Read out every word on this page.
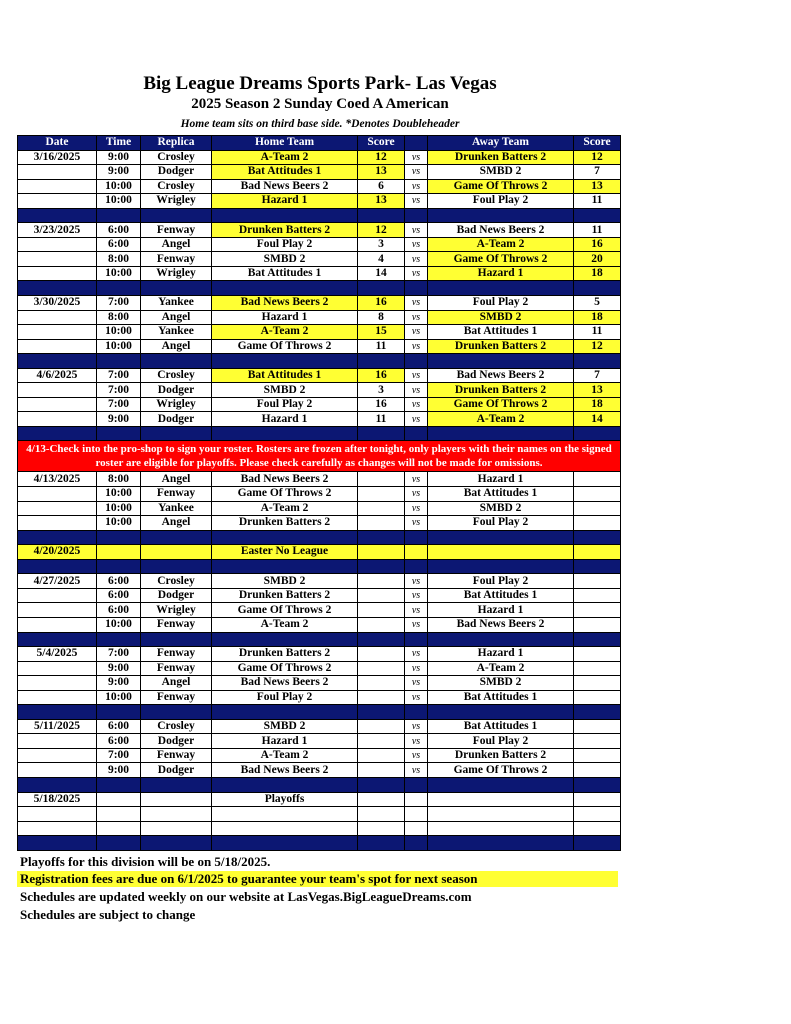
Big League Dreams Sports Park- Las Vegas
2025 Season 2 Sunday Coed A American
Home team sits on third base side. *Denotes Doubleheader
Date	Time	Replica	Home Team	Score		Away Team	Score
3/16/2025	9:00	Crosley	A-Team 2	12	vs	Drunken Batters 2	12
	9:00	Dodger	Bat Attitudes 1	13	vs	SMBD 2	7
	10:00	Crosley	Bad News Beers 2	6	vs	Game Of Throws 2	13
	10:00	Wrigley	Hazard 1	13	vs	Foul Play 2	11

3/23/2025	6:00	Fenway	Drunken Batters 2	12	vs	Bad News Beers 2	11
	6:00	Angel	Foul Play 2	3	vs	A-Team 2	16
	8:00	Fenway	SMBD 2	4	vs	Game Of Throws 2	20
	10:00	Wrigley	Bat Attitudes 1	14	vs	Hazard 1	18

3/30/2025	7:00	Yankee	Bad News Beers 2	16	vs	Foul Play 2	5
	8:00	Angel	Hazard 1	8	vs	SMBD 2	18
	10:00	Yankee	A-Team 2	15	vs	Bat Attitudes 1	11
	10:00	Angel	Game Of Throws 2	11	vs	Drunken Batters 2	12

4/6/2025	7:00	Crosley	Bat Attitudes 1	16	vs	Bad News Beers 2	7
	7:00	Dodger	SMBD 2	3	vs	Drunken Batters 2	13
	7:00	Wrigley	Foul Play 2	16	vs	Game Of Throws 2	18
	9:00	Dodger	Hazard 1	11	vs	A-Team 2	14

4/13-Check into the pro-shop to sign your roster. Rosters are frozen after tonight, only players with their names on the signed roster are eligible for playoffs. Please check carefully as changes will not be made for omissions.							
4/13/2025	8:00	Angel	Bad News Beers 2		vs	Hazard 1	
	10:00	Fenway	Game Of Throws 2		vs	Bat Attitudes 1	
	10:00	Yankee	A-Team 2		vs	SMBD 2	
	10:00	Angel	Drunken Batters 2		vs	Foul Play 2	

4/20/2025			Easter No League				

4/27/2025	6:00	Crosley	SMBD 2		vs	Foul Play 2	
	6:00	Dodger	Drunken Batters 2		vs	Bat Attitudes 1	
	6:00	Wrigley	Game Of Throws 2		vs	Hazard 1	
	10:00	Fenway	A-Team 2		vs	Bad News Beers 2	

5/4/2025	7:00	Fenway	Drunken Batters 2		vs	Hazard 1	
	9:00	Fenway	Game Of Throws 2		vs	A-Team 2	
	9:00	Angel	Bad News Beers 2		vs	SMBD 2	
	10:00	Fenway	Foul Play 2		vs	Bat Attitudes 1	

5/11/2025	6:00	Crosley	SMBD 2		vs	Bat Attitudes 1	
	6:00	Dodger	Hazard 1		vs	Foul Play 2	
	7:00	Fenway	A-Team 2		vs	Drunken Batters 2	
	9:00	Dodger	Bad News Beers 2		vs	Game Of Throws 2	

5/18/2025			Playoffs				

Playoffs for this division will be on 5/18/2025.
Registration fees are due on 6/1/2025 to guarantee your team's spot for next season
Schedules are updated weekly on our website at LasVegas.BigLeagueDreams.com
Schedules are subject to change
